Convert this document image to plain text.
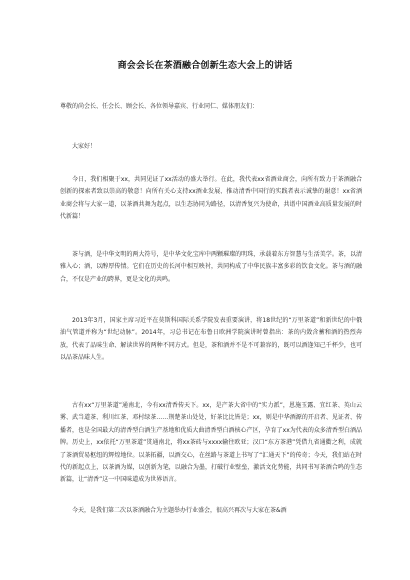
商会会长在茶酒融合创新生态大会上的讲话
尊敬的尚会长、任会长、顾会长、各位领导嘉宾、行业同仁、媒体朋友们：
大家好！
今日，我们相聚于xx，共同见证了xx活动的盛大举行。在此，我代表xx省酒业商会，向所有致力于茶酒融合创新的探索者致以崇高的敬意！向所有关心支持xx酒业发展、推动清香中国行的实践者表示诚挚的谢意！xx省酒业商会将与大家一道，以茶酒共舞为起点，以生态协同为路径，以清香复兴为使命，共谱中国酒业高质量发展的时代新篇！
茶与酒，是中华文明的两大符号，是中华文化宝库中两颗璀璨的明珠，承载着东方智慧与生活美学。茶，以清雅入心；酒，以醇厚传情。它们在历史的长河中相互映衬，共同构成了中华民族丰富多彩的饮食文化。茶与酒的融合，不仅是产业的跨界，更是文化的共鸣。
2013年3月，国家主席习近平在莫斯科国际关系学院发表重要演讲，将18世纪的“万里茶道”和新世纪的中俄油气管道并称为“世纪动脉”。2014年，习总书记在布鲁日欧洲学院演讲时曾指出：茶的内敛含蓄和酒的热烈奔放，代表了品味生命、解读世界的两种不同方式。但是，茶和酒并不是不可兼容的，既可以酒逢知己千杯少，也可以品茶品味人生。
古有xx“万里茶道”通南北，今有xx清香传天下。xx，是产茶大省中的“实力派”，恩施玉露、宜红茶、英山云雾、武当道茶、利川红茶、邓村绿茶……荆楚茶山处处，好茶比比皆是；xx，则是中华酒源的开启者、见证者、传播者，也是全国最大的清香型白酒生产基地和优质大曲清香型白酒核心产区，孕育了xx为代表的众多清香型白酒品牌。历史上，xx依托“万里茶道”贯通南北，将xx茶砖与xxxx输往欧亚；汉口“东方茶港”凭借九省通衢之利，成就了茶酒贸易枢纽的辉煌地位。以茶拓疆，以酒交心，在丝路与茶道上书写了“汇通天下”的传奇；今天，我们站在时代的新起点上，以茶酒为媒，以创新为笔，以融合为墨，打破行业壁垒，激活文化势能，共同书写茶酒合鸣的生态新篇，让“清香”这一中国味道成为世界语言。
今天，是我们第二次以茶酒融合为主题举办行业盛会，很高兴再次与大家在茶&酒
